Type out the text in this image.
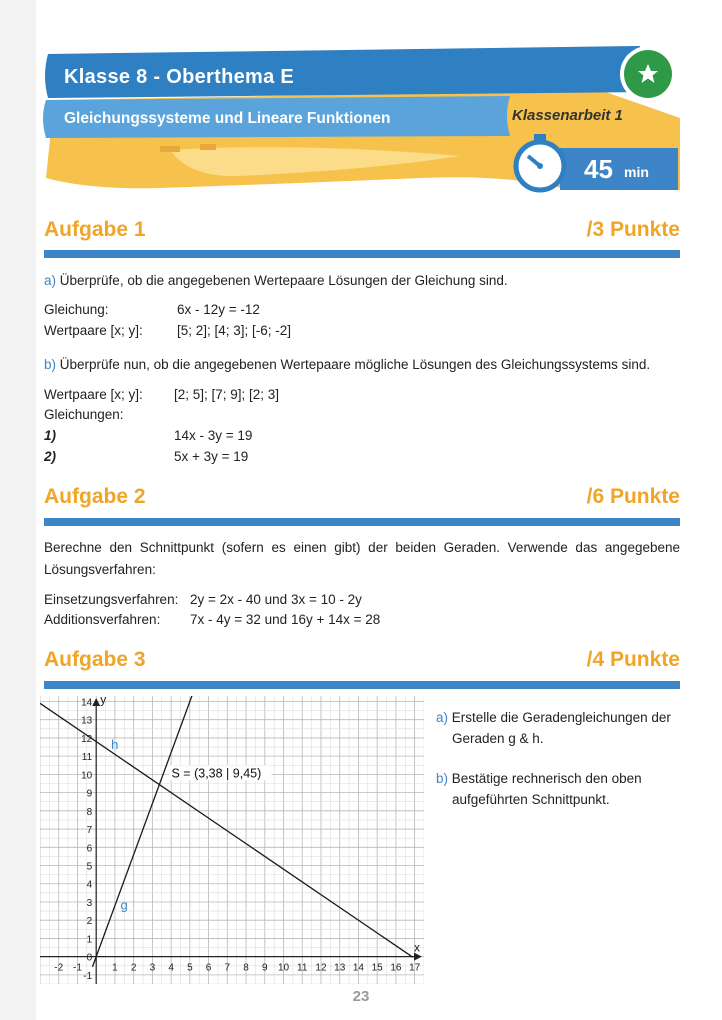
Klasse 8 - Oberthema E
Gleichungssysteme und Lineare Funktionen	Klassenarbeit 1
45 min
Aufgabe 1	/3 Punkte
a) Überprüfe, ob die angegebenen Wertepaare Lösungen der Gleichung sind.
Gleichung:	6x - 12y = -12
Wertpaare [x; y]:	[5; 2]; [4; 3]; [-6; -2]
b) Überprüfe nun, ob die angegebenen Wertepaare mögliche Lösungen des Gleichungssystems sind.
Wertpaare [x; y]: [2; 5]; [7; 9]; [2; 3]
Gleichungen:
1)	14x - 3y = 19
2)	5x + 3y = 19
Aufgabe 2	/6 Punkte
Berechne den Schnittpunkt (sofern es einen gibt) der beiden Geraden. Verwende das angegebene Lösungsverfahren:
Einsetzungsverfahren: 2y = 2x - 40 und 3x = 10 - 2y
Additionsverfahren: 7x - 4y = 32 und 16y + 14x = 28
Aufgabe 3	/4 Punkte
-2 -1	1 2 3 4 5 6 7 8 9 10 11 12 13 14 15 16 17
-1
0
1
2
3
4
5
6
7
8
9
10
11
12
13
14
g
h
x
y
S = (3,38 | 9,45)
a) Erstelle die Geradengleichungen der
Geraden g & h.
b) Bestätige rechnerisch den oben
aufgeführten Schnittpunkt.
23
